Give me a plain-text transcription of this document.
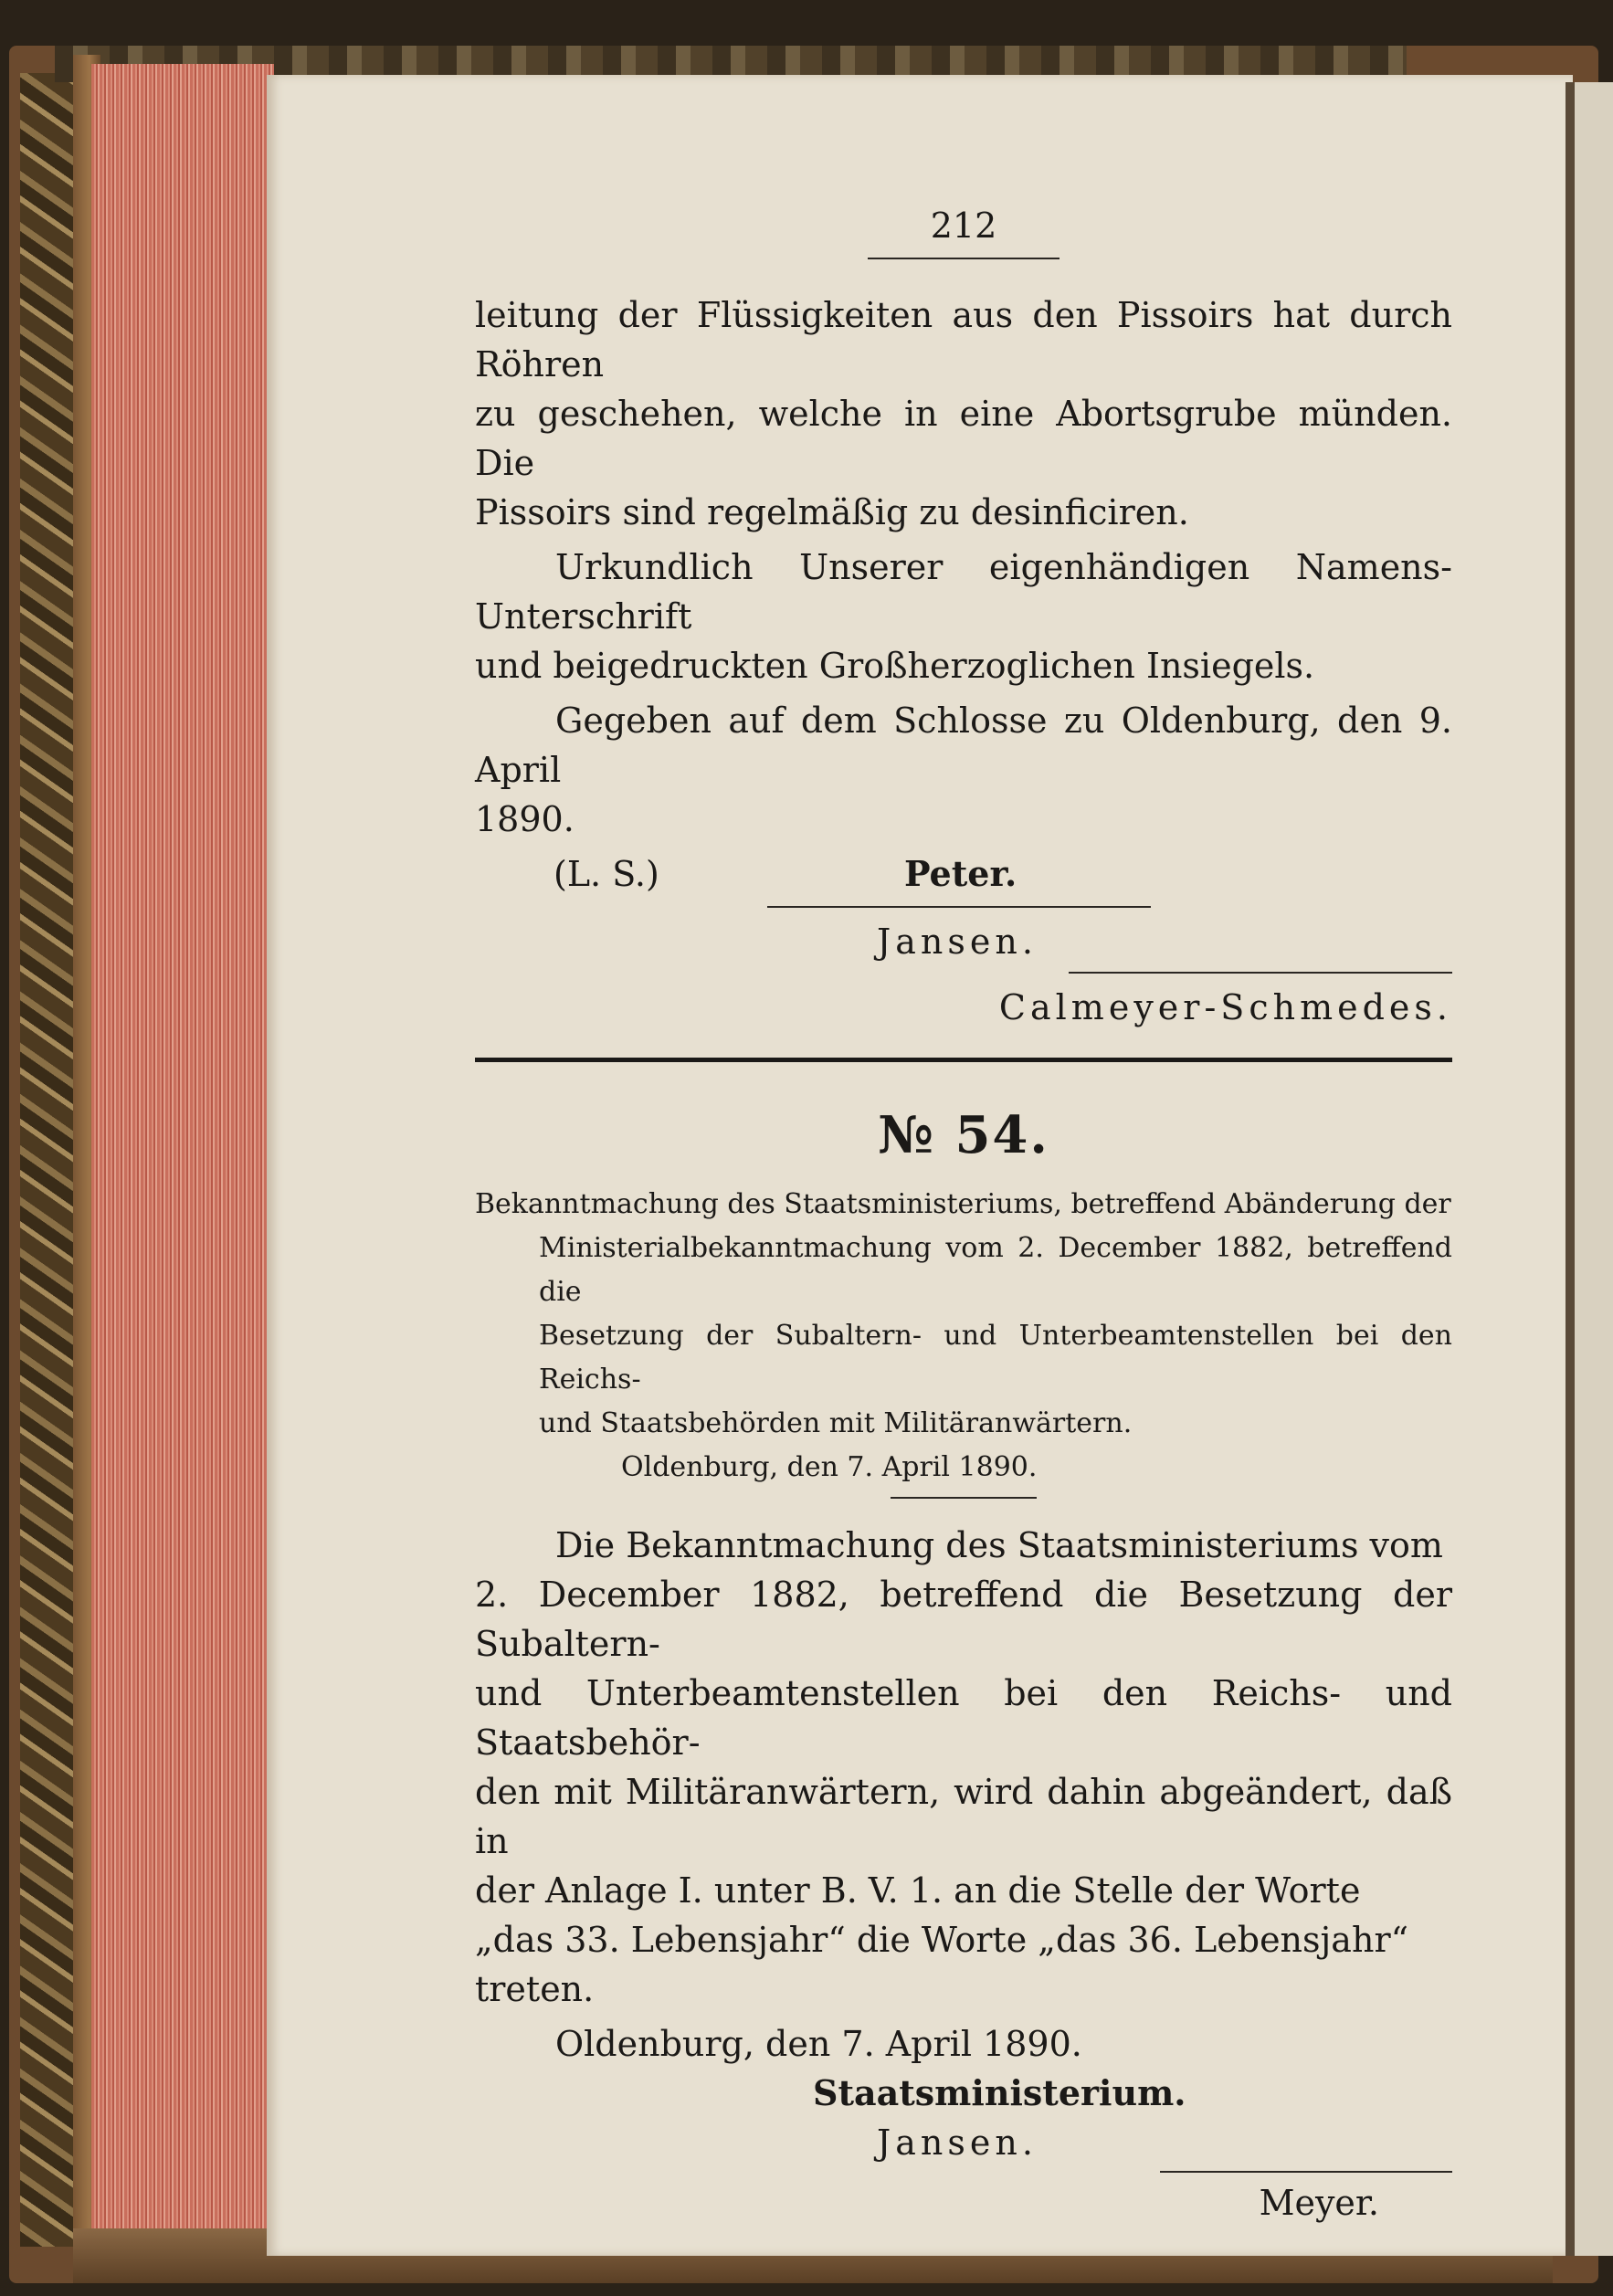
212

leitung der Flüssigkeiten aus den Pissoirs hat durch Röhren

zu geschehen, welche in eine Abortsgrube münden. Die

Pissoirs sind regelmäßig zu desinficiren.

Urkundlich Unserer eigenhändigen Namens-Unterschrift

und beigedruckten Großherzoglichen Insiegels.

Gegeben auf dem Schlosse zu Oldenburg, den 9. April

1890.

(L. S.)	Peter.
Jansen.
Calmeyer-Schmedes.
№ 54.

Bekanntmachung des Staatsministeriums, betreffend Abänderung der

Ministerialbekanntmachung vom 2. December 1882, betreffend die

Besetzung der Subaltern- und Unterbeamtenstellen bei den Reichs-

und Staatsbehörden mit Militäranwärtern.

Oldenburg, den 7. April 1890.

Die Bekanntmachung des Staatsministeriums vom

2. December 1882, betreffend die Besetzung der Subaltern-

und Unterbeamtenstellen bei den Reichs- und Staatsbehör-

den mit Militäranwärtern, wird dahin abgeändert, daß in

der Anlage I. unter B. V. 1. an die Stelle der Worte

„das 33. Lebensjahr“ die Worte „das 36. Lebensjahr“

treten.

Oldenburg, den 7. April 1890.

Staatsministerium.
Jansen.
Meyer.
